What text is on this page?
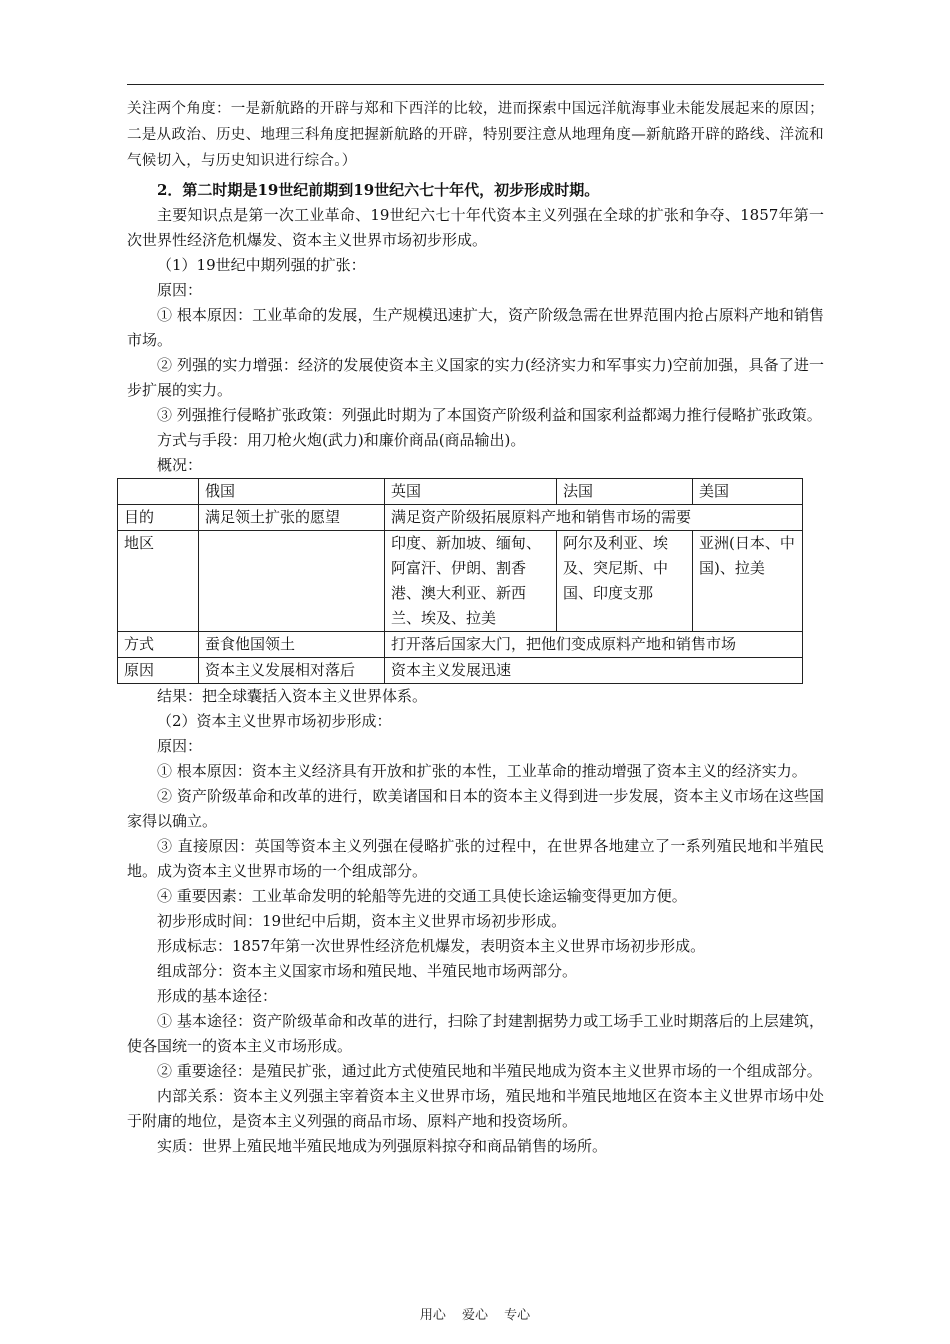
关注两个角度：一是新航路的开辟与郑和下西洋的比较，进而探索中国远洋航海事业未能发展起来的原因；二是从政治、历史、地理三科角度把握新航路的开辟，特别要注意从地理角度—新航路开辟的路线、洋流和气候切入，与历史知识进行综合。）

2．第二时期是19世纪前期到19世纪六七十年代，初步形成时期。

主要知识点是第一次工业革命、19世纪六七十年代资本主义列强在全球的扩张和争夺、1857年第一次世界性经济危机爆发、资本主义世界市场初步形成。

（1）19世纪中期列强的扩张：

原因：

① 根本原因：工业革命的发展，生产规模迅速扩大，资产阶级急需在世界范围内抢占原料产地和销售市场。

② 列强的实力增强：经济的发展使资本主义国家的实力(经济实力和军事实力)空前加强，具备了进一步扩展的实力。

③ 列强推行侵略扩张政策：列强此时期为了本国资产阶级利益和国家利益都竭力推行侵略扩张政策。

方式与手段：用刀枪火炮(武力)和廉价商品(商品输出)。

概况：

	俄国	英国	法国	美国
目的	满足领土扩张的愿望	满足资产阶级拓展原料产地和销售市场的需要		
地区		印度、新加坡、缅甸、阿富汗、伊朗、割香港、澳大利亚、新西兰、埃及、拉美	阿尔及利亚、埃及、突尼斯、中国、印度支那	亚洲(日本、中国)、拉美
方式	蚕食他国领土	打开落后国家大门，把他们变成原料产地和销售市场		
原因	资本主义发展相对落后	资本主义发展迅速		

结果：把全球囊括入资本主义世界体系。

（2）资本主义世界市场初步形成：

原因：

① 根本原因：资本主义经济具有开放和扩张的本性，工业革命的推动增强了资本主义的经济实力。

② 资产阶级革命和改革的进行，欧美诸国和日本的资本主义得到进一步发展，资本主义市场在这些国家得以确立。

③ 直接原因：英国等资本主义列强在侵略扩张的过程中，在世界各地建立了一系列殖民地和半殖民地。成为资本主义世界市场的一个组成部分。

④ 重要因素：工业革命发明的轮船等先进的交通工具使长途运输变得更加方便。

初步形成时间：19世纪中后期，资本主义世界市场初步形成。

形成标志：1857年第一次世界性经济危机爆发，表明资本主义世界市场初步形成。

组成部分：资本主义国家市场和殖民地、半殖民地市场两部分。

形成的基本途径：

① 基本途径：资产阶级革命和改革的进行，扫除了封建割据势力或工场手工业时期落后的上层建筑，使各国统一的资本主义市场形成。

② 重要途径：是殖民扩张，通过此方式使殖民地和半殖民地成为资本主义世界市场的一个组成部分。

内部关系：资本主义列强主宰着资本主义世界市场，殖民地和半殖民地地区在资本主义世界市场中处于附庸的地位，是资本主义列强的商品市场、原料产地和投资场所。

实质：世界上殖民地半殖民地成为列强原料掠夺和商品销售的场所。

用心 爱心 专心
